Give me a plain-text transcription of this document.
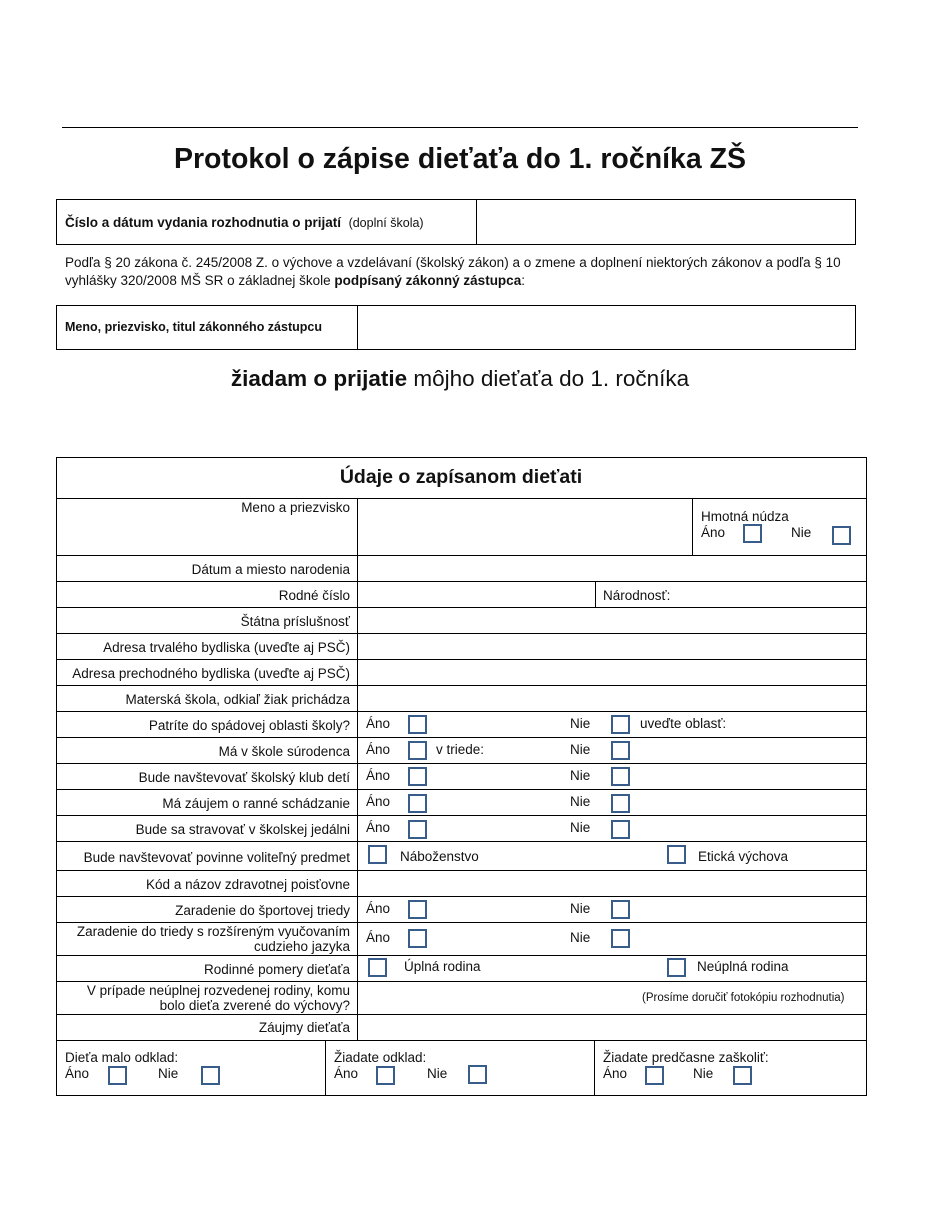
Protokol o zápise dieťaťa do 1. ročníka ZŠ
Číslo a dátum vydania rozhodnutia o prijatí (doplní škola)
Podľa § 20 zákona č. 245/2008 Z. o výchove a vzdelávaní (školský zákon) a o zmene a doplnení niektorých zákonov a podľa § 10 vyhlášky 320/2008 MŠ SR o základnej škole podpísaný zákonný zástupca:
Meno, priezvisko, titul zákonného zástupcu
žiadam o prijatie môjho dieťaťa do 1. ročníka
Údaje o zapísanom dieťati
Meno a priezvisko
Hmotná núdza
Áno	Nie
Dátum a miesto narodenia
Rodné číslo	Národnosť:
Štátna príslušnosť
Adresa trvalého bydliska (uveďte aj PSČ)
Adresa prechodného bydliska (uveďte aj PSČ)
Materská škola, odkiaľ žiak prichádza
Patríte do spádovej oblasti školy? Áno	Nie	uveďte oblasť:
Má v škole súrodenca Áno	v triede:	Nie
Bude navštevovať školský klub detí Áno	Nie
Má záujem o ranné schádzanie Áno	Nie
Bude sa stravovať v školskej jedálni Áno	Nie
Bude navštevovať povinne voliteľný predmet	Náboženstvo	Etická výchova
Kód a názov zdravotnej poisťovne
Zaradenie do športovej triedy Áno	Nie
Zaradenie do triedy s rozšíreným vyučovaním
cudzieho jazyka
Áno	Nie
Rodinné pomery dieťaťa	Úplná rodina	Neúplná rodina
V prípade neúplnej rozvedenej rodiny, komu
bolo dieťa zverené do výchovy?	(Prosíme doručiť fotokópiu rozhodnutia)
Záujmy dieťaťa
Dieťa malo odklad:
Áno	Nie
Žiadate odklad:
Áno	Nie
Žiadate predčasne zaškoliť:
Áno	Nie
